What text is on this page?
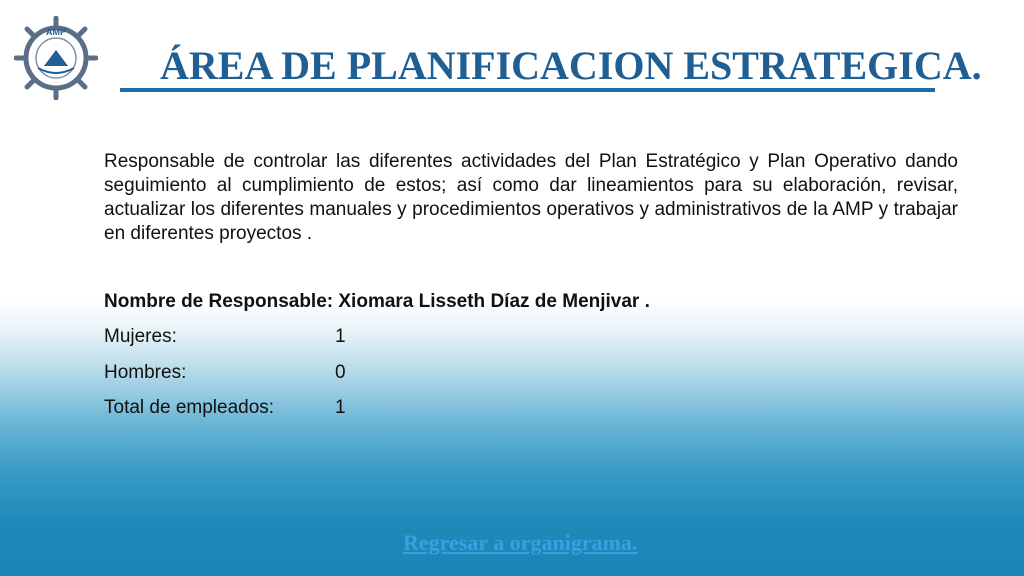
AMP
ÁREA DE PLANIFICACION ESTRATEGICA.

Responsable de controlar las diferentes actividades del Plan Estratégico y Plan Operativo dando seguimiento al cumplimiento de estos; así como dar lineamientos para su elaboración, revisar, actualizar los diferentes manuales y procedimientos operativos y administrativos de la AMP y trabajar en diferentes proyectos .

Nombre de Responsable: Xiomara Lisseth Díaz de Menjivar .
Mujeres:	1
Hombres:	0
Total de empleados:	1
Regresar a organigrama.
